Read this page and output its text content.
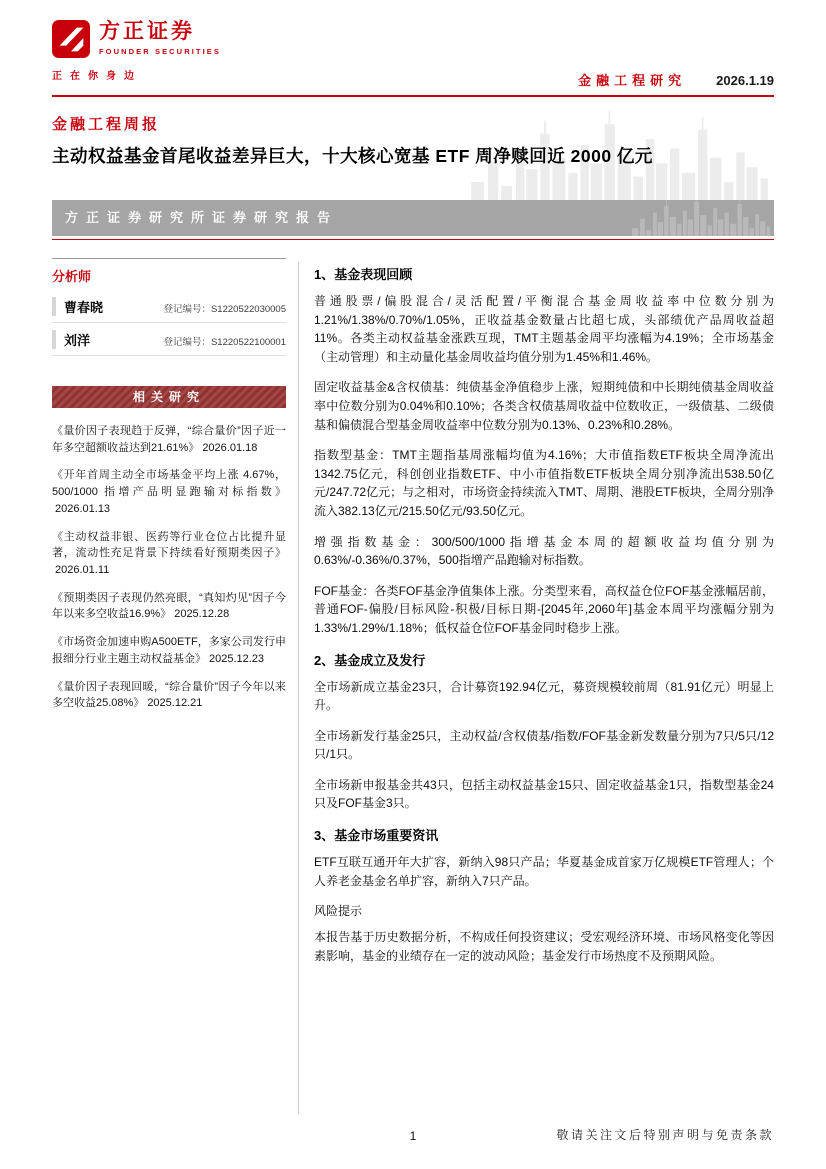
方正证券
FOUNDER SECURITIES
正在你身边	金融工程研究 2026.1.19
金融工程周报
主动权益基金首尾收益差异巨大，十大核心宽基 ETF 周净赎回近 2000 亿元
方正证券研究所证券研究报告
分析师
曹春晓	登记编号：S1220522030005
刘洋	登记编号：S1220522100001
相关研究

《量价因子表现趋于反弹，“综合量价”因子近一年多空超额收益达到21.61%》 2026.01.18

《开年首周主动全市场基金平均上涨 4.67%，500/1000 指增产品明显跑输对标指数》2026.01.13

《主动权益非银、医药等行业仓位占比提升显著，流动性充足背景下持续看好预期类因子》2026.01.11

《预期类因子表现仍然亮眼，“真知灼见”因子今年以来多空收益16.9%》 2025.12.28

《市场资金加速申购A500ETF，多家公司发行申报细分行业主题主动权益基金》 2025.12.23

《量价因子表现回暖，“综合量价”因子今年以来多空收益25.08%》 2025.12.21

1、基金表现回顾

普通股票/偏股混合/灵活配置/平衡混合基金周收益率中位数分别为1.21%/1.38%/0.70%/1.05%，正收益基金数量占比超七成，头部绩优产品周收益超11%。各类主动权益基金涨跌互现，TMT主题基金周平均涨幅为4.19%；全市场基金（主动管理）和主动量化基金周收益均值分别为1.45%和1.46%。

固定收益基金&含权债基：纯债基金净值稳步上涨，短期纯债和中长期纯债基金周收益率中位数分别为0.04%和0.10%；各类含权债基周收益中位数收正，一级债基、二级债基和偏债混合型基金周收益率中位数分别为0.13%、0.23%和0.28%。

指数型基金：TMT主题指基周涨幅均值为4.16%；大市值指数ETF板块全周净流出1342.75亿元，科创创业指数ETF、中小市值指数ETF板块全周分别净流出538.50亿元/247.72亿元；与之相对，市场资金持续流入TMT、周期、港股ETF板块，全周分别净流入382.13亿元/215.50亿元/93.50亿元。

增强指数基金：300/500/1000指增基金本周的超额收益均值分别为0.63%/-0.36%/0.37%，500指增产品跑输对标指数。

FOF基金：各类FOF基金净值集体上涨。分类型来看，高权益仓位FOF基金涨幅居前，普通FOF-偏股/目标风险-积极/目标日期-[2045年,2060年]基金本周平均涨幅分别为1.33%/1.29%/1.18%；低权益仓位FOF基金同时稳步上涨。

2、基金成立及发行

全市场新成立基金23只，合计募资192.94亿元，募资规模较前周（81.91亿元）明显上升。

全市场新发行基金25只，主动权益/含权债基/指数/FOF基金新发数量分别为7只/5只/12只/1只。

全市场新申报基金共43只，包括主动权益基金15只、固定收益基金1只，指数型基金24只及FOF基金3只。

3、基金市场重要资讯

ETF互联互通开年大扩容，新纳入98只产品；华夏基金成首家万亿规模ETF管理人；个人养老金基金名单扩容，新纳入7只产品。

风险提示

本报告基于历史数据分析，不构成任何投资建议；受宏观经济环境、市场风格变化等因素影响，基金的业绩存在一定的波动风险；基金发行市场热度不及预期风险。

1	敬请关注文后特别声明与免责条款
